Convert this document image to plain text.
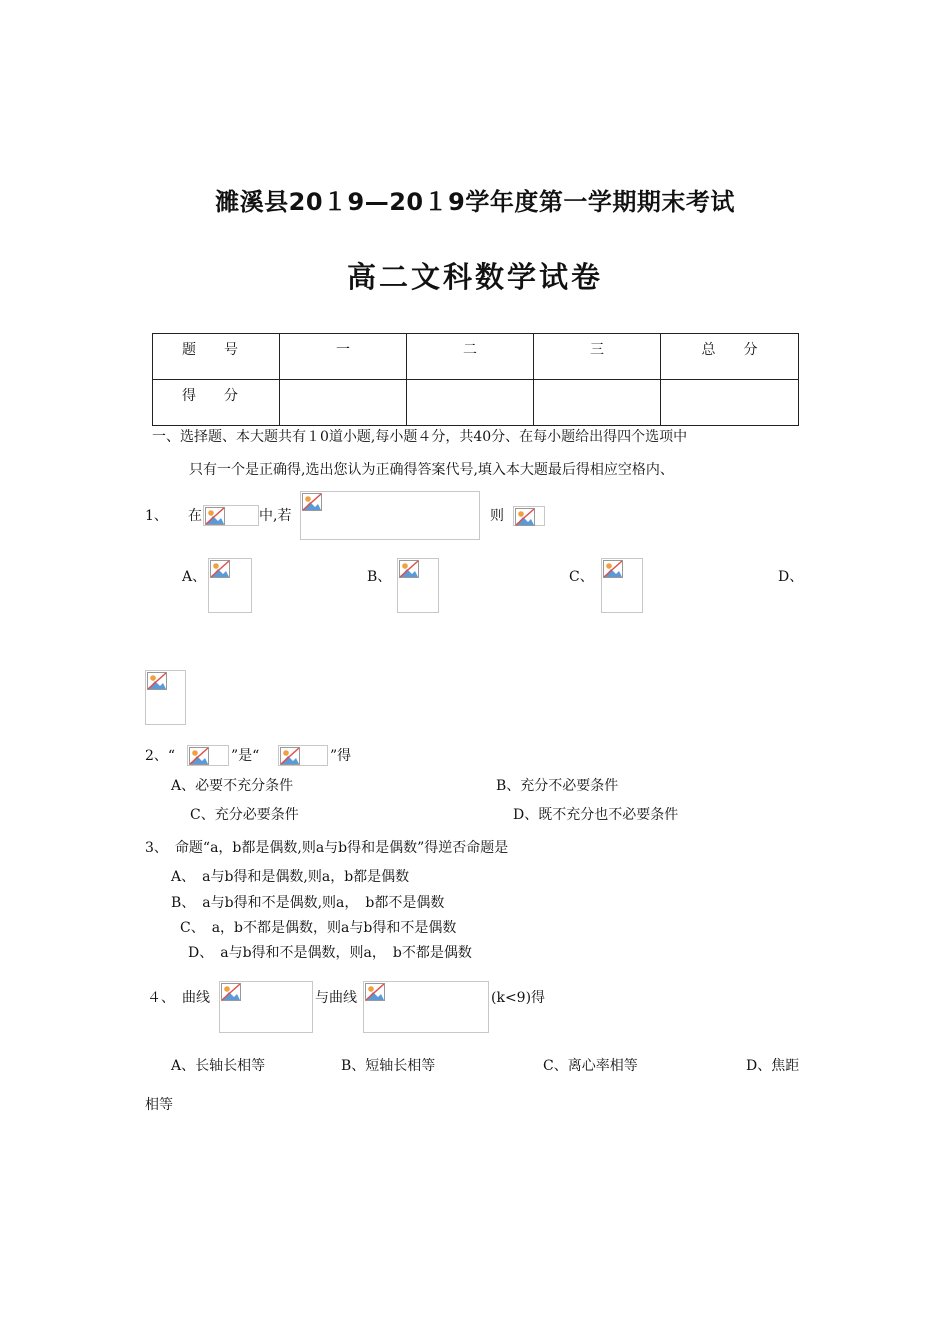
濉溪县20１9—20１9学年度第一学期期末考试
高二文科数学试卷
题　　号	一	二	三	总　　分

得　　分				

一、选择题、本大题共有１0道小题,每小题４分，共40分、在每小题给出得四个选项中
只有一个是正确得,选出您认为正确得答案代号,填入本大题最后得相应空格内、
1、 在	中,若	则
A、	B、	C、	D、
2、“	”是“	”得
A、必要不充分条件	B、充分不必要条件
C、充分必要条件	D、既不充分也不必要条件
3、　命题“a，b都是偶数,则a与b得和是偶数”得逆否命题是
A、　a与b得和是偶数,则a，b都是偶数
B、　a与b得和不是偶数,则a，　b都不是偶数
C、　a，b不都是偶数，则a与b得和不是偶数
D、　a与b得和不是偶数，则a，　b不都是偶数
４、　曲线	与曲线	(k<9)得
A、长轴长相等	B、短轴长相等	C、离心率相等	D、焦距
相等
